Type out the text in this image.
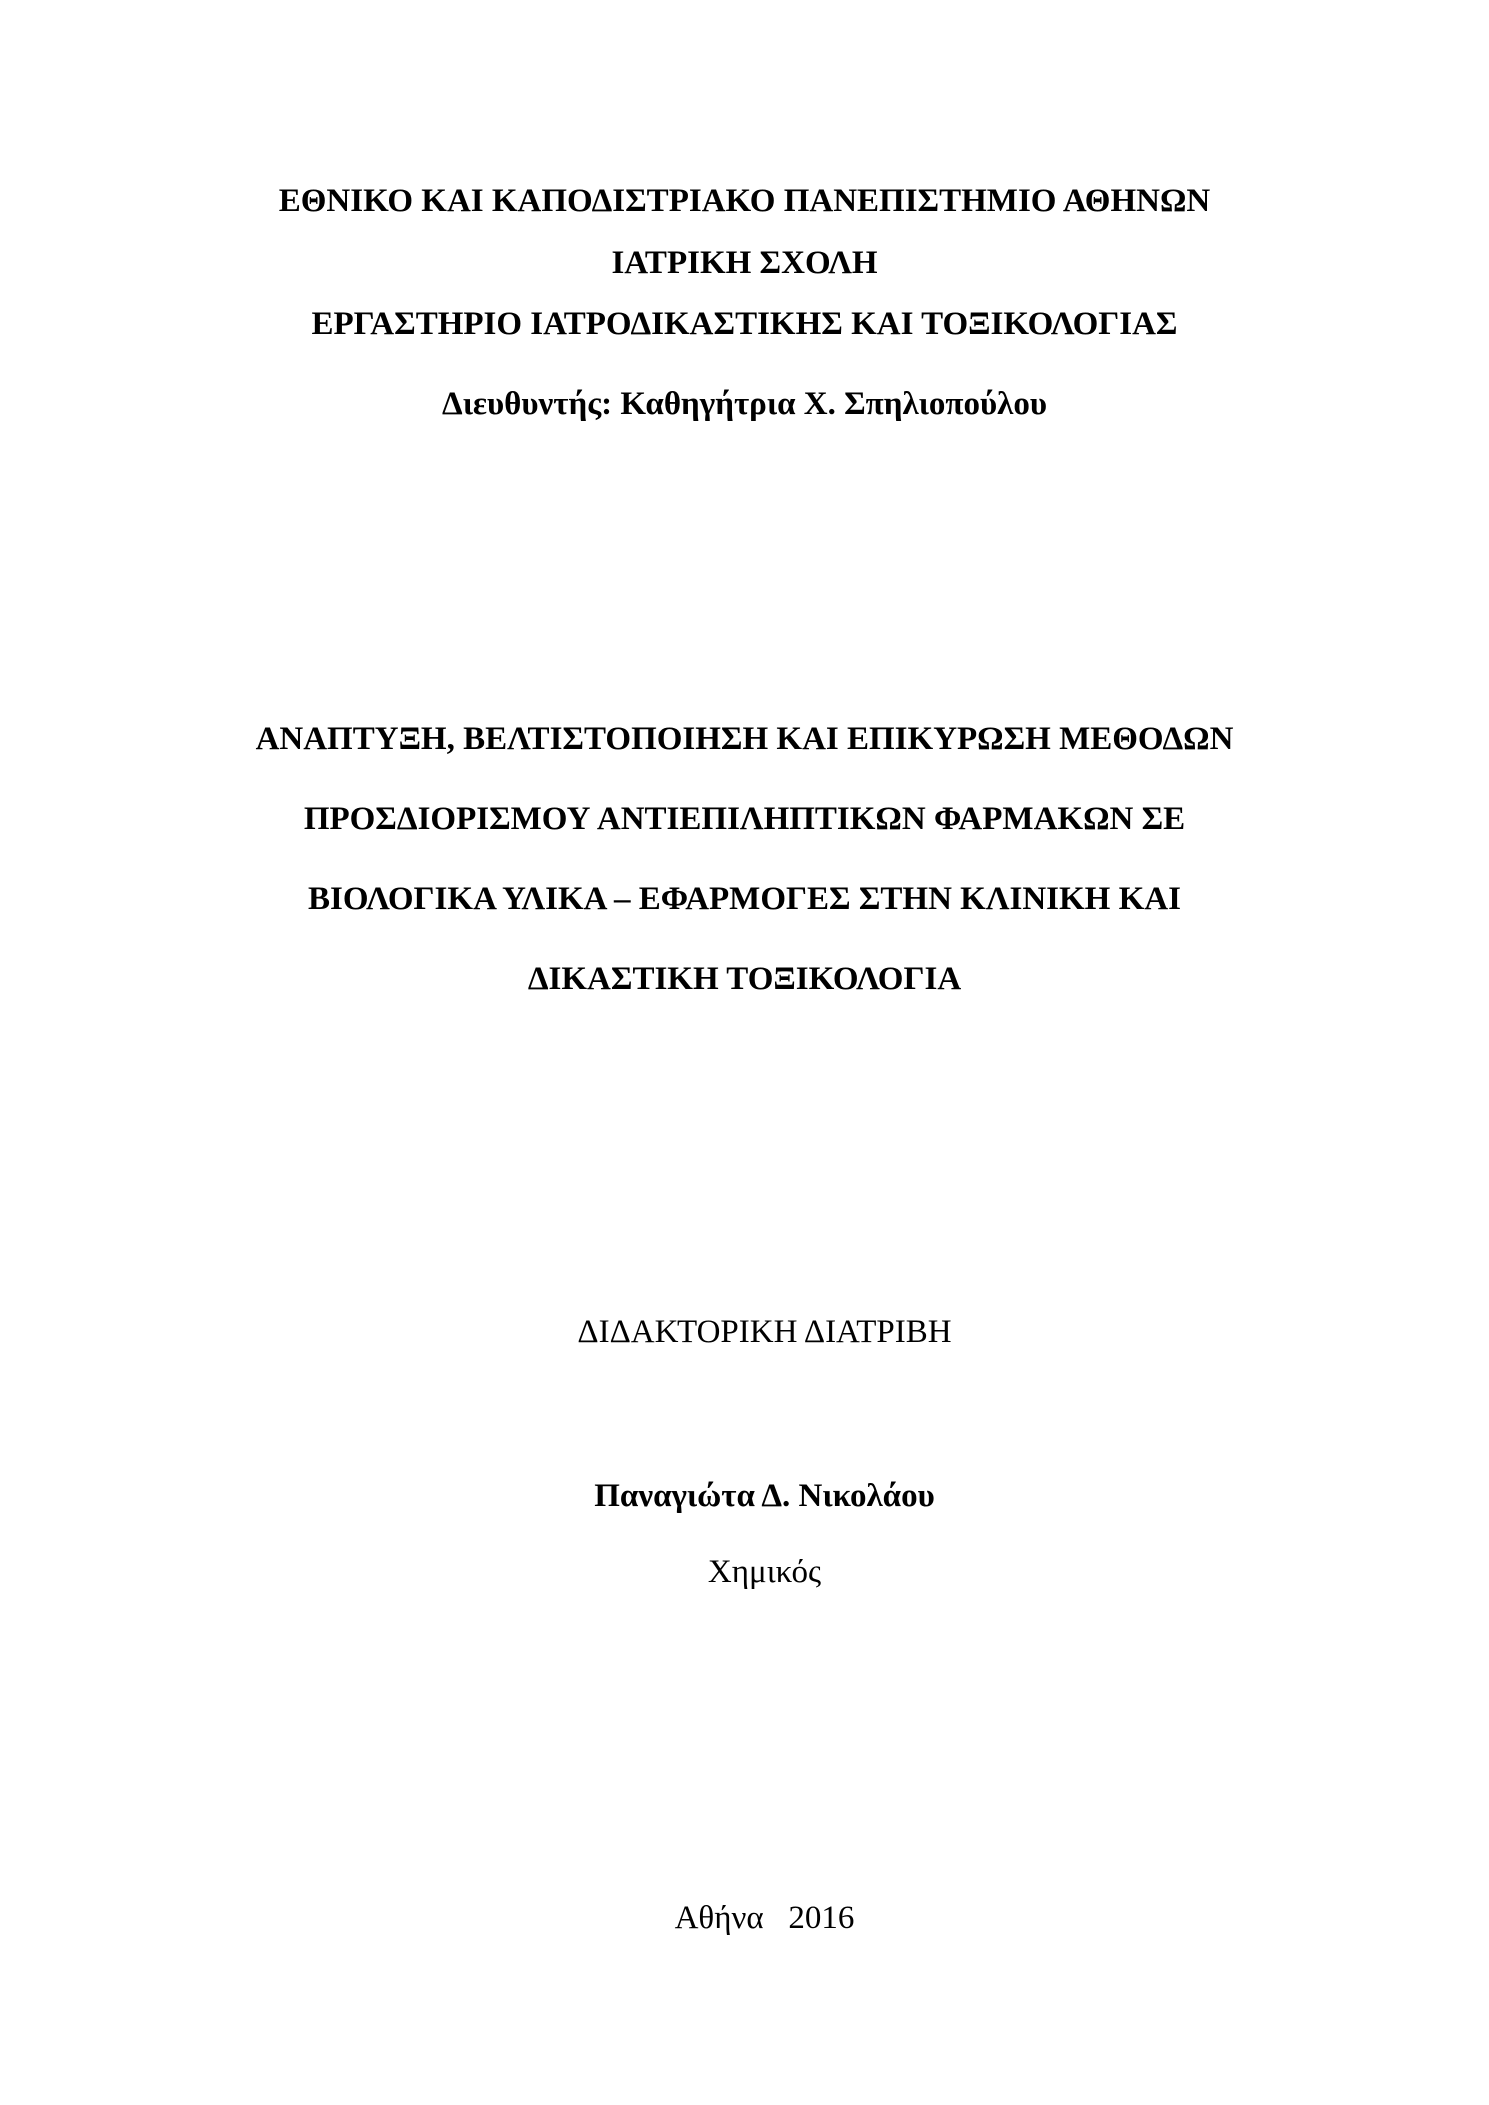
ΕΘΝΙΚΟ ΚΑΙ ΚΑΠΟΔΙΣΤΡΙΑΚΟ ΠΑΝΕΠΙΣΤΗΜΙΟ ΑΘΗΝΩΝ
ΙΑΤΡΙΚΗ ΣΧΟΛΗ
ΕΡΓΑΣΤΗΡΙΟ ΙΑΤΡΟΔΙΚΑΣΤΙΚΗΣ ΚΑΙ ΤΟΞΙΚΟΛΟΓΙΑΣ
Διευθυντής: Καθηγήτρια Χ. Σπηλιοπούλου
ΑΝΑΠΤΥΞΗ, ΒΕΛΤΙΣΤΟΠΟΙΗΣΗ ΚΑΙ ΕΠΙΚΥΡΩΣΗ ΜΕΘΟΔΩΝ
ΠΡΟΣΔΙΟΡΙΣΜΟΥ ΑΝΤΙΕΠΙΛΗΠΤΙΚΩΝ ΦΑΡΜΑΚΩΝ ΣΕ
ΒΙΟΛΟΓΙΚΑ ΥΛΙΚΑ – ΕΦΑΡΜΟΓΕΣ ΣΤΗΝ ΚΛΙΝΙΚΗ ΚΑΙ
ΔΙΚΑΣΤΙΚΗ ΤΟΞΙΚΟΛΟΓΙΑ
ΔΙΔΑΚΤΟΡΙΚΗ ΔΙΑΤΡΙΒΗ
Παναγιώτα Δ. Νικολάου
Χημικός
Αθήνα   2016
